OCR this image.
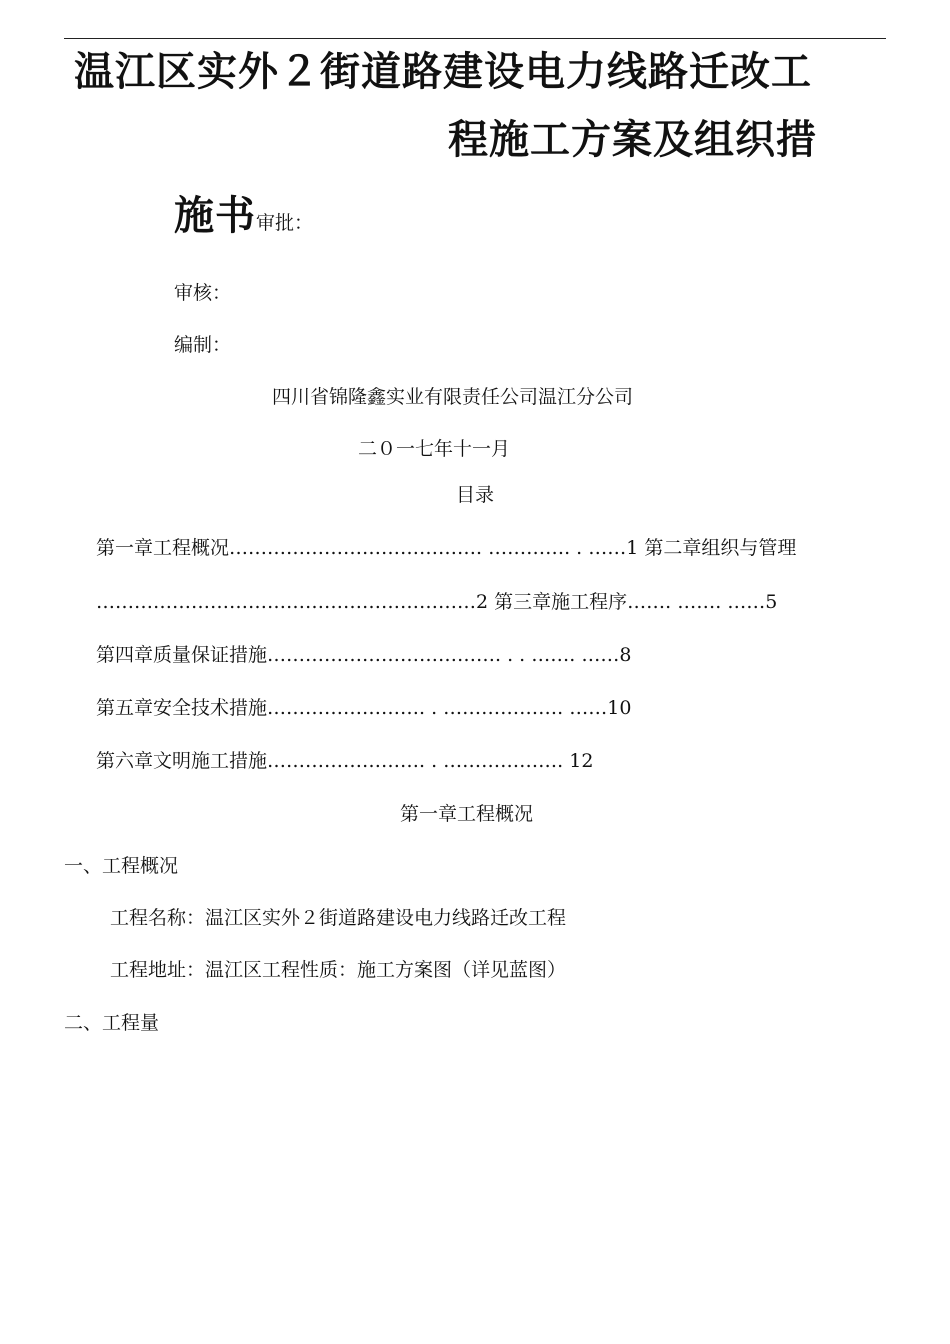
温江区实外２街道路建设电力线路迁改工
程施工方案及组织措
施书审批：
审核：
编制：
四川省锦隆鑫实业有限责任公司温江分公司
二０一七年十一月
目录
第一章工程概况…………………………………. …………. . ……1 第二章组织与管理
……………………………………………………2 第三章施工程序……. ……. ……5
第四章质量保证措施………………………………. . . ……. ……8
第五章安全技术措施……………………. . ………………. ……10
第六章文明施工措施……………………. . ………………. 12
第一章工程概况
一、工程概况
工程名称：温江区实外２街道路建设电力线路迁改工程
工程地址：温江区工程性质：施工方案图（详见蓝图）
二、工程量
